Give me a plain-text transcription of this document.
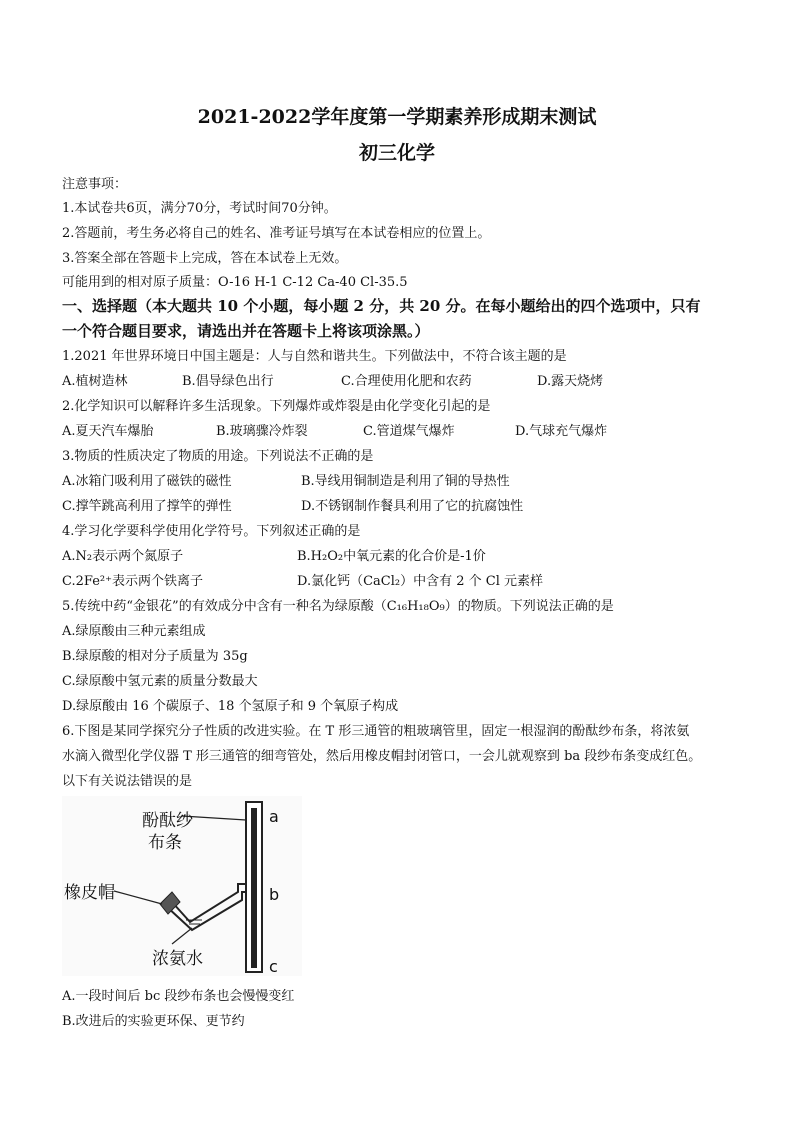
2021-2022学年度第一学期素养形成期末测试
初三化学
注意事项：
1.本试卷共6页，满分70分，考试时间70分钟。
2.答题前，考生务必将自己的姓名、准考证号填写在本试卷相应的位置上。
3.答案全部在答题卡上完成，答在本试卷上无效。
可能用到的相对原子质量：O-16 H-1 C-12 Ca-40 Cl-35.5
一、选择题（本大题共 10 个小题，每小题 2 分，共 20 分。在每小题给出的四个选项中，只有
一个符合题目要求，请选出并在答题卡上将该项涂黑。）
1.2021 年世界环境日中国主题是：人与自然和谐共生。下列做法中，不符合该主题的是
A.植树造林	B.倡导绿色出行	C.合理使用化肥和农药	D.露天烧烤
2.化学知识可以解释许多生活现象。下列爆炸或炸裂是由化学变化引起的是
A.夏天汽车爆胎	B.玻璃骤冷炸裂	C.管道煤气爆炸	D.气球充气爆炸
3.物质的性质决定了物质的用途。下列说法不正确的是
A.冰箱门吸利用了磁铁的磁性	B.导线用铜制造是利用了铜的导热性
C.撑竿跳高利用了撑竿的弹性	D.不锈钢制作餐具利用了它的抗腐蚀性
4.学习化学要科学使用化学符号。下列叙述正确的是
A.N₂表示两个氮原子	B.H₂O₂中氧元素的化合价是-1价
C.2Fe²⁺表示两个铁离子	D.氯化钙（CaCl₂）中含有 2 个 Cl 元素样
5.传统中药“金银花”的有效成分中含有一种名为绿原酸（C₁₆H₁₈O₉）的物质。下列说法正确的是
A.绿原酸由三种元素组成
B.绿原酸的相对分子质量为 35g
C.绿原酸中氢元素的质量分数最大
D.绿原酸由 16 个碳原子、18 个氢原子和 9 个氧原子构成
6.下图是某同学探究分子性质的改进实验。在 T 形三通管的粗玻璃管里，固定一根湿润的酚酞纱布条，将浓氨
水滴入微型化学仪器 T 形三通管的细弯管处，然后用橡皮帽封闭管口，一会儿就观察到 ba 段纱布条变成红色。
以下有关说法错误的是
酚酞纱
布条
橡皮帽
浓氨水
a
b
c
A.一段时间后 bc 段纱布条也会慢慢变红
B.改进后的实验更环保、更节约
